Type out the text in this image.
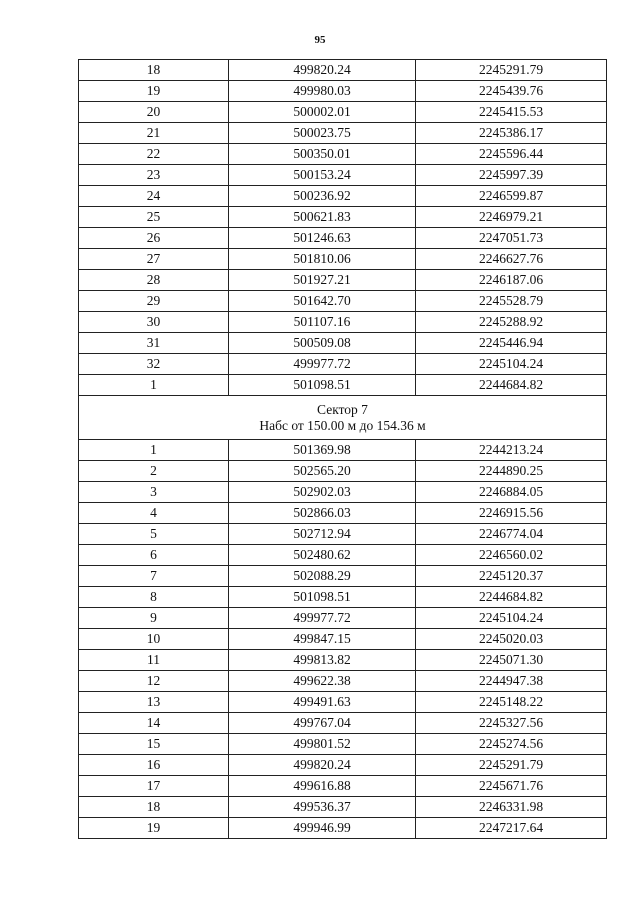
95
18	499820.24	2245291.79
19	499980.03	2245439.76
20	500002.01	2245415.53
21	500023.75	2245386.17
22	500350.01	2245596.44
23	500153.24	2245997.39
24	500236.92	2246599.87
25	500621.83	2246979.21
26	501246.63	2247051.73
27	501810.06	2246627.76
28	501927.21	2246187.06
29	501642.70	2245528.79
30	501107.16	2245288.92
31	500509.08	2245446.94
32	499977.72	2245104.24
1	501098.51	2244684.82

Сектор 7
Набс от 150.00 м до 154.36 м		

1	501369.98	2244213.24
2	502565.20	2244890.25
3	502902.03	2246884.05
4	502866.03	2246915.56
5	502712.94	2246774.04
6	502480.62	2246560.02
7	502088.29	2245120.37
8	501098.51	2244684.82
9	499977.72	2245104.24
10	499847.15	2245020.03
11	499813.82	2245071.30
12	499622.38	2244947.38
13	499491.63	2245148.22
14	499767.04	2245327.56
15	499801.52	2245274.56
16	499820.24	2245291.79
17	499616.88	2245671.76
18	499536.37	2246331.98
19	499946.99	2247217.64
